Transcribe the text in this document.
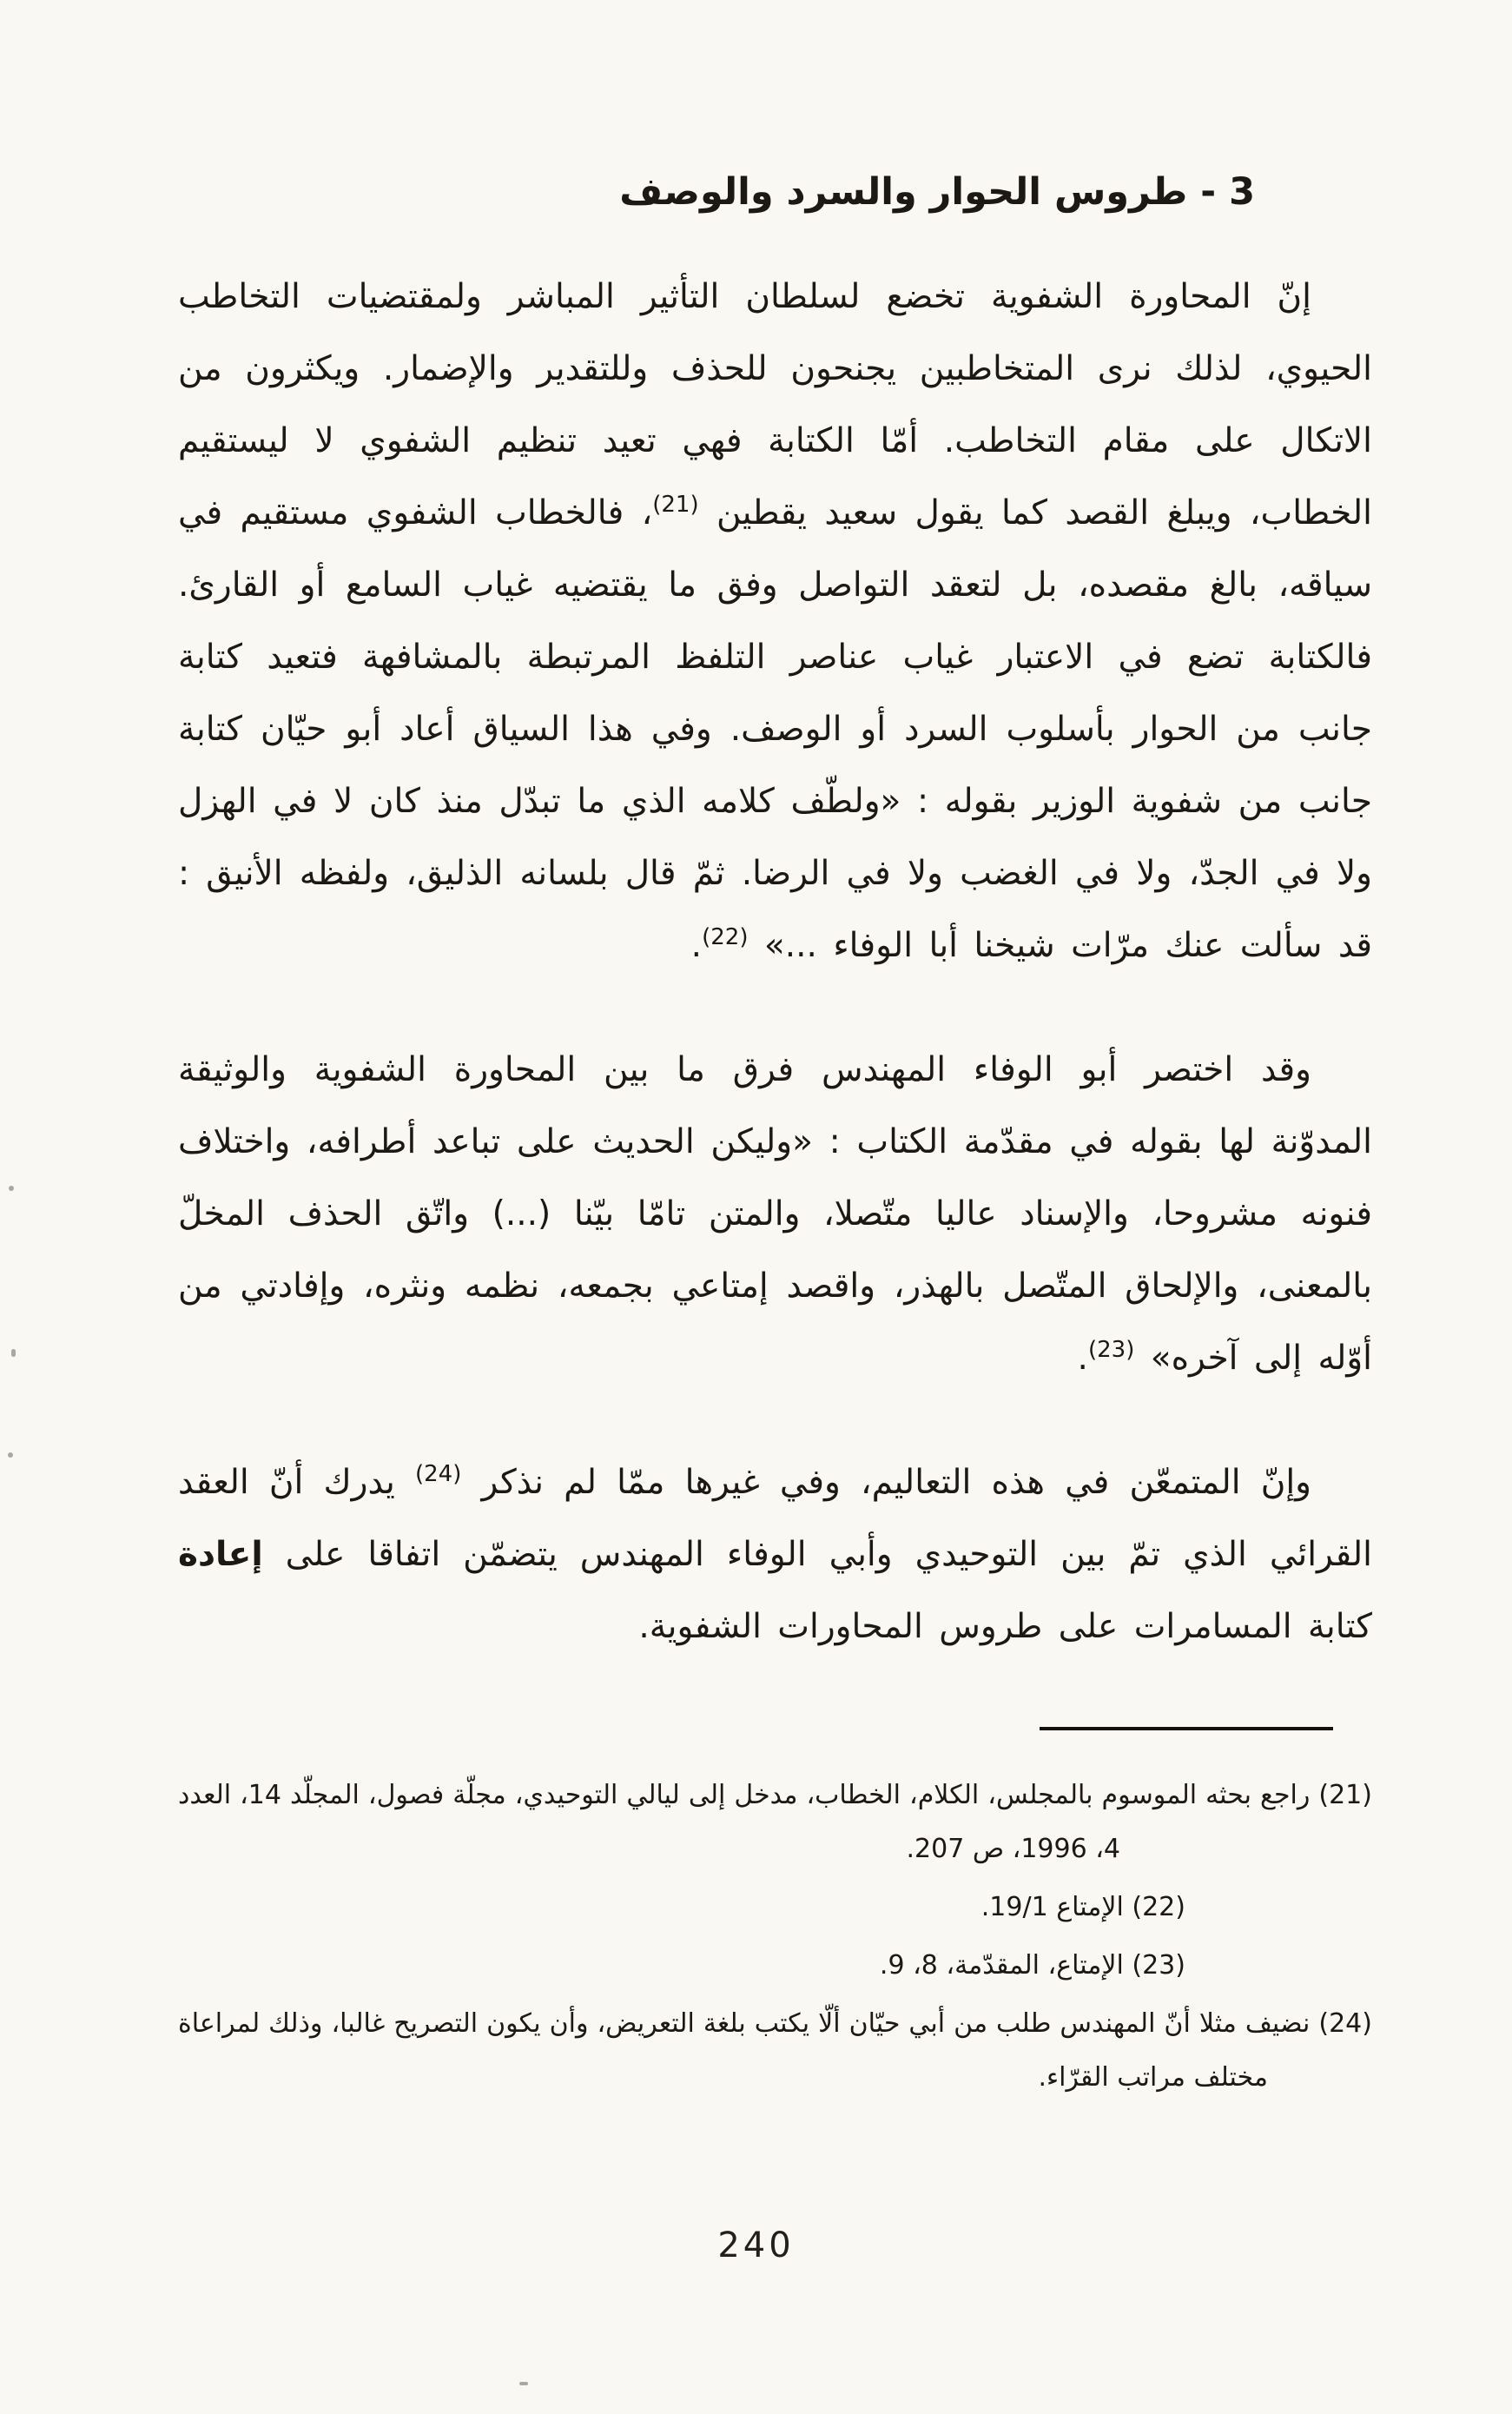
3 - طروس الحوار والسرد والوصف

إنّ المحاورة الشفوية تخضع لسلطان التأثير المباشر ولمقتضيات التخاطب الحيوي، لذلك نرى المتخاطبين يجنحون للحذف وللتقدير والإضمار. ويكثرون من الاتكال على مقام التخاطب. أمّا الكتابة فهي تعيد تنظيم الشفوي لا ليستقيم الخطاب، ويبلغ القصد كما يقول سعيد يقطين $^{(21)}$، فالخطاب الشفوي مستقيم في سياقه، بالغ مقصده، بل لتعقد التواصل وفق ما يقتضيه غياب السامع أو القارئ. فالكتابة تضع في الاعتبار غياب عناصر التلفظ المرتبطة بالمشافهة فتعيد كتابة جانب من الحوار بأسلوب السرد أو الوصف. وفي هذا السياق أعاد أبو حيّان كتابة جانب من شفوية الوزير بقوله : «ولطّف كلامه الذي ما تبدّل منذ كان لا في الهزل ولا في الجدّ، ولا في الغضب ولا في الرضا. ثمّ قال بلسانه الذليق، ولفظه الأنيق : قد سألت عنك مرّات شيخنا أبا الوفاء ...» $^{(22)}$.

وقد اختصر أبو الوفاء المهندس فرق ما بين المحاورة الشفوية والوثيقة المدوّنة لها بقوله في مقدّمة الكتاب : «وليكن الحديث على تباعد أطرافه، واختلاف فنونه مشروحا، والإسناد عاليا متّصلا، والمتن تامّا بيّنا (...) واتّق الحذف المخلّ بالمعنى، والإلحاق المتّصل بالهذر، واقصد إمتاعي بجمعه، نظمه ونثره، وإفادتي من أوّله إلى آخره» $^{(23)}$.

وإنّ المتمعّن في هذه التعاليم، وفي غيرها ممّا لم نذكر $^{(24)}$ يدرك أنّ العقد القرائي الذي تمّ بين التوحيدي وأبي الوفاء المهندس يتضمّن اتفاقا على إعادة كتابة المسامرات على طروس المحاورات الشفوية.

(21) راجع بحثه الموسوم بالمجلس، الكلام، الخطاب، مدخل إلى ليالي التوحيدي، مجلّة فصول، المجلّد 14، العدد 4، 1996، ص 207.

(22) الإمتاع 19/1.

(23) الإمتاع، المقدّمة، 8، 9.

(24) نضيف مثلا أنّ المهندس طلب من أبي حيّان ألّا يكتب بلغة التعريض، وأن يكون التصريح غالبا، وذلك لمراعاة مختلف مراتب القرّاء.

240
